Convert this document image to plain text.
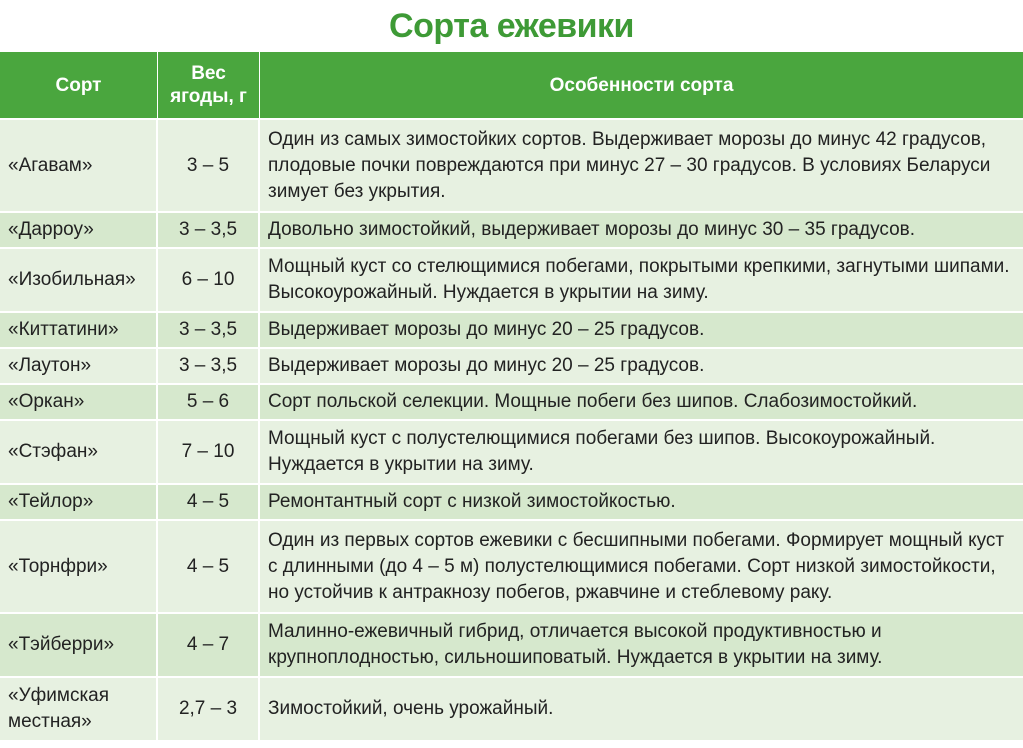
Сорта ежевики
Сорт	Вес ягоды, г	Особенности сорта
«Агавам»	3 – 5	Один из самых зимостойких сортов. Выдерживает морозы до минус 42 градусов, плодовые почки повреждаются при минус 27 – 30 градусов. В условиях Беларуси зимует без укрытия.
«Дарроу»	3 – 3,5	Довольно зимостойкий, выдерживает морозы до минус 30 – 35 градусов.
«Изобильная»	6 – 10	Мощный куст со стелющимися побегами, покрытыми крепкими, загнутыми шипами. Высокоурожайный. Нуждается в укрытии на зиму.
«Киттатини»	3 – 3,5	Выдерживает морозы до минус 20 – 25 градусов.
«Лаутон»	3 – 3,5	Выдерживает морозы до минус 20 – 25 градусов.
«Оркан»	5 – 6	Сорт польской селекции. Мощные побеги без шипов. Слабозимостойкий.
«Стэфан»	7 – 10	Мощный куст с полустелющимися побегами без шипов. Высокоурожайный. Нуждается в укрытии на зиму.
«Тейлор»	4 – 5	Ремонтантный сорт с низкой зимостойкостью.
«Торнфри»	4 – 5	Один из первых сортов ежевики с бесшипными побегами. Формирует мощный куст с длинными (до 4 – 5 м) полустелющимися побегами. Сорт низкой зимостойкости, но устойчив к антракнозу побегов, ржавчине и стеблевому раку.
«Тэйберри»	4 – 7	Малинно-ежевичный гибрид, отличается высокой продуктивностью и крупноплодностью, сильношиповатый. Нуждается в укрытии на зиму.
«Уфимская местная»	2,7 – 3	Зимостойкий, очень урожайный.
